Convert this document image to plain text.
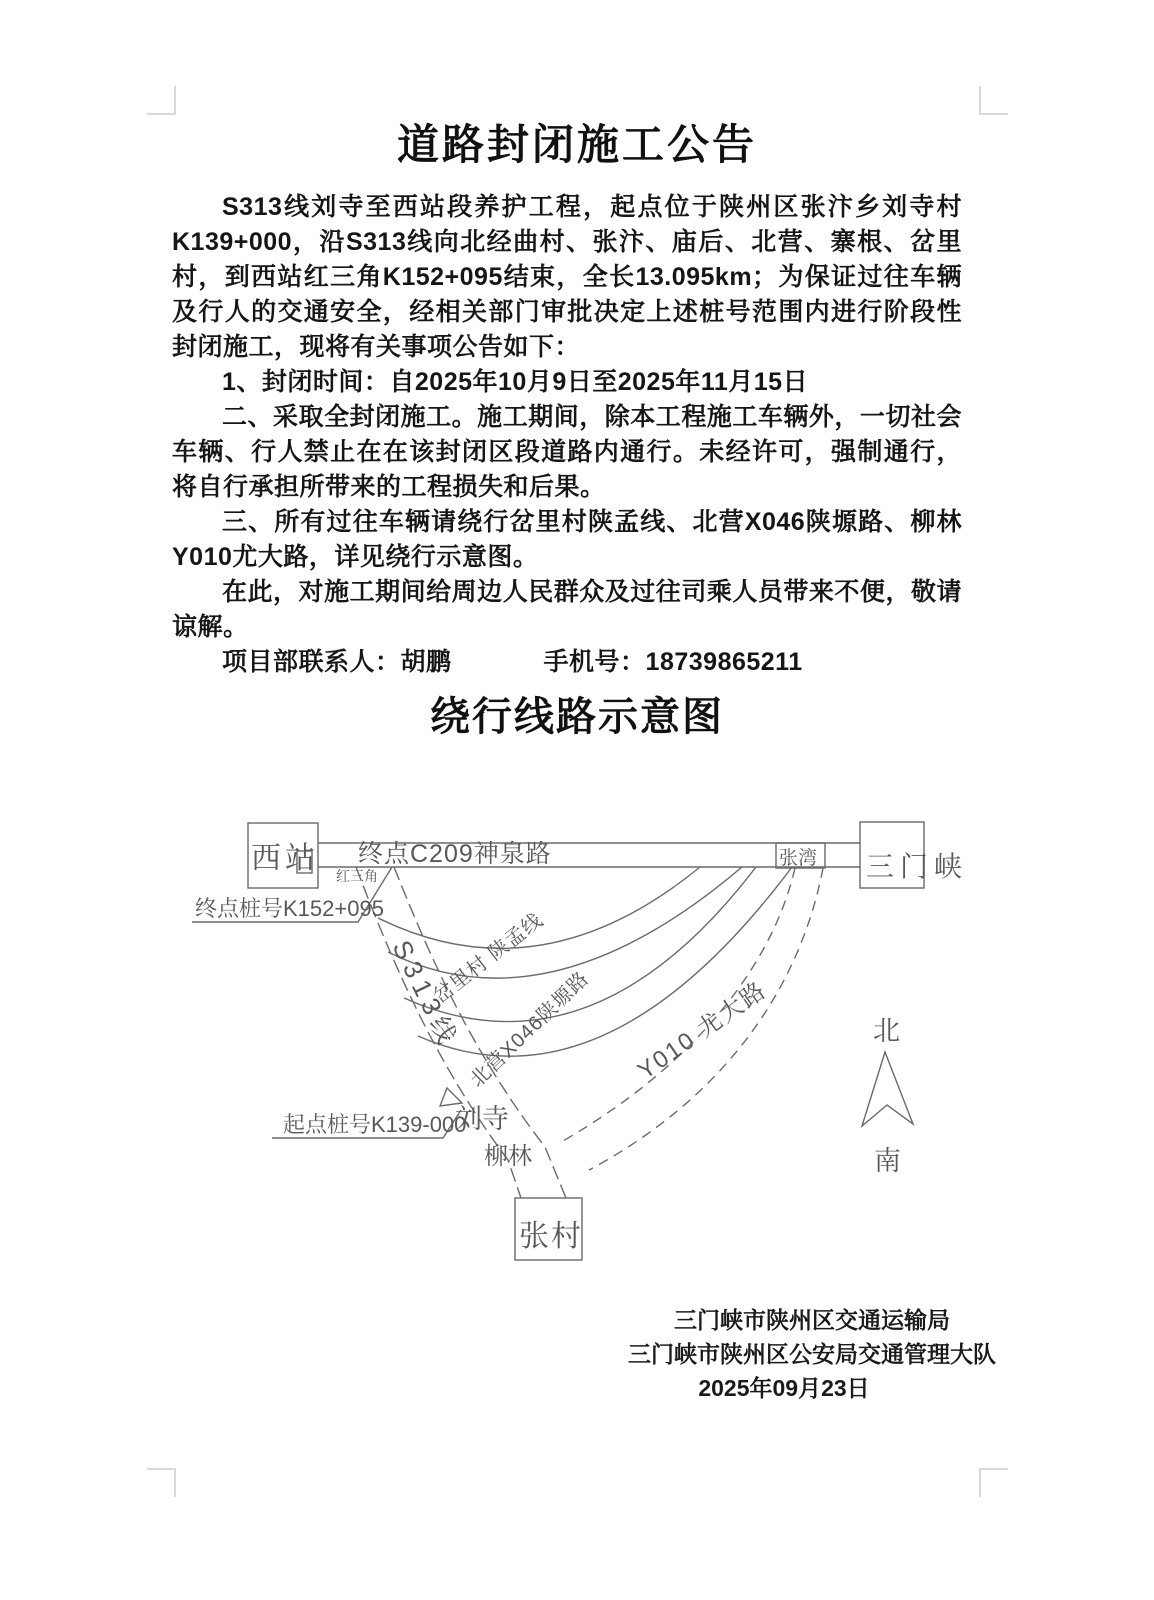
道路封闭施工公告

S313线刘寺至西站段养护工程，起点位于陕州区张汴乡刘寺村K139+000，沿S313线向北经曲村、张汴、庙后、北营、寨根、岔里村，到西站红三角K152+095结束，全长13.095km；为保证过往车辆及行人的交通安全，经相关部门审批决定上述桩号范围内进行阶段性封闭施工，现将有关事项公告如下：

1、封闭时间：自2025年10月9日至2025年11月15日

二、采取全封闭施工。施工期间，除本工程施工车辆外，一切社会车辆、行人禁止在在该封闭区段道路内通行。未经许可，强制通行，将自行承担所带来的工程损失和后果。

三、所有过往车辆请绕行岔里村陕孟线、北营X046陕塬路、柳林Y010尤大路，详见绕行示意图。

在此，对施工期间给周边人民群众及过往司乘人员带来不便，敬请谅解。

项目部联系人： 胡鹏	手机号： 18739865211
绕行线路示意图
西站 终点C209神泉路
红三角
张湾 三门峡
终点桩号K152+095
S313线
岔里村 陕孟线
北营X046陕塬路 Y010 尤大路
起点桩号K139-000
刘寺
柳林
张村
北
南
三门峡市陕州区交通运输局
三门峡市陕州区公安局交通管理大队
2025年09月23日
